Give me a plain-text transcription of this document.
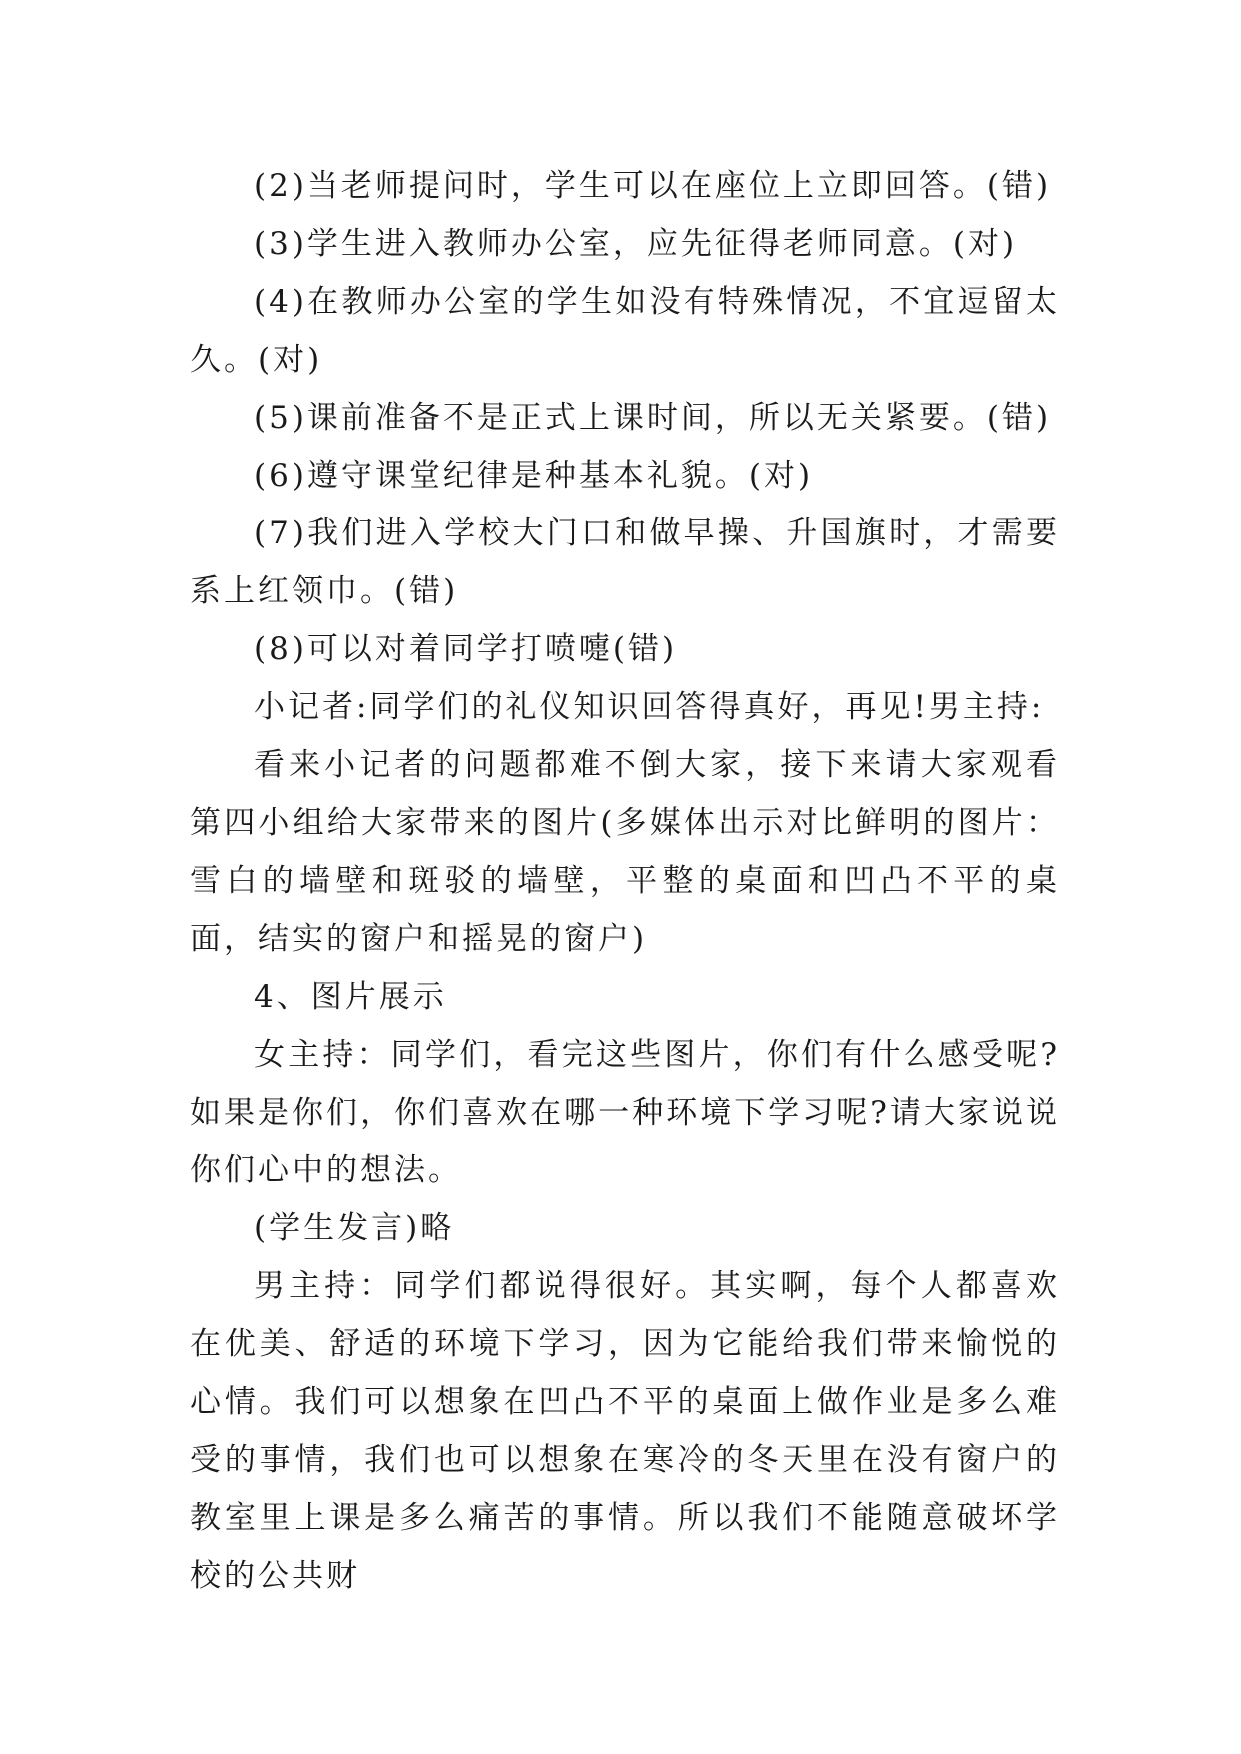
(2)当老师提问时，学生可以在座位上立即回答。(错)

(3)学生进入教师办公室，应先征得老师同意。(对)

(4)在教师办公室的学生如没有特殊情况，不宜逗留太久。(对)

(5)课前准备不是正式上课时间，所以无关紧要。(错)

(6)遵守课堂纪律是种基本礼貌。(对)

(7)我们进入学校大门口和做早操、升国旗时，才需要系上红领巾。(错)

(8)可以对着同学打喷嚏(错)

小记者:同学们的礼仪知识回答得真好，再见!男主持:

看来小记者的问题都难不倒大家，接下来请大家观看第四小组给大家带来的图片(多媒体出示对比鲜明的图片：雪白的墙壁和斑驳的墙壁，平整的桌面和凹凸不平的桌面，结实的窗户和摇晃的窗户)

4、图片展示

女主持：同学们，看完这些图片，你们有什么感受呢?如果是你们，你们喜欢在哪一种环境下学习呢?请大家说说你们心中的想法。

(学生发言)略

男主持：同学们都说得很好。其实啊，每个人都喜欢在优美、舒适的环境下学习，因为它能给我们带来愉悦的心情。我们可以想象在凹凸不平的桌面上做作业是多么难受的事情，我们也可以想象在寒冷的冬天里在没有窗户的教室里上课是多么痛苦的事情。所以我们不能随意破坏学校的公共财
